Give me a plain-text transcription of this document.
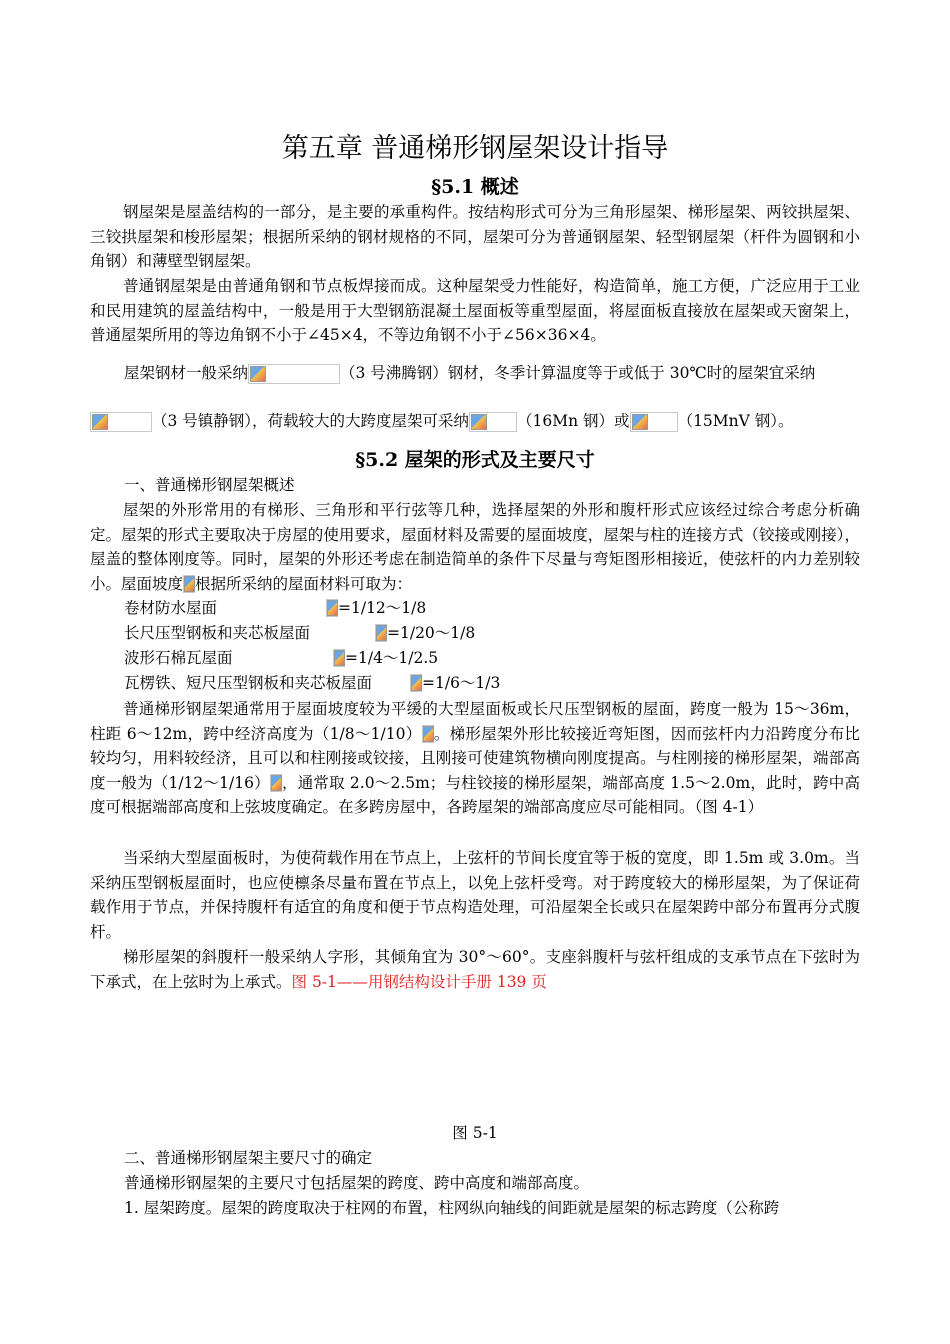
第五章 普通梯形钢屋架设计指导
§5.1 概述

钢屋架是屋盖结构的一部分，是主要的承重构件。按结构形式可分为三角形屋架、梯形屋架、两铰拱屋架、三铰拱屋架和梭形屋架；根据所采纳的钢材规格的不同，屋架可分为普通钢屋架、轻型钢屋架（杆件为圆钢和小角钢）和薄壁型钢屋架。

普通钢屋架是由普通角钢和节点板焊接而成。这种屋架受力性能好，构造简单，施工方便，广泛应用于工业和民用建筑的屋盖结构中，一般是用于大型钢筋混凝土屋面板等重型屋面，将屋面板直接放在屋架或天窗架上，普通屋架所用的等边角钢不小于∠45×4，不等边角钢不小于∠56×36×4。

屋架钢材一般采纳	（3 号沸腾钢）钢材，冬季计算温度等于或低于 30℃时的屋架宜采纳
（3 号镇静钢），荷载较大的大跨度屋架可采纳	（16Mn 钢）或	（15MnV 钢）。
§5.2 屋架的形式及主要尺寸
一、普通梯形钢屋架概述

屋架的外形常用的有梯形、三角形和平行弦等几种，选择屋架的外形和腹杆形式应该经过综合考虑分析确定。屋架的形式主要取决于房屋的使用要求，屋面材料及需要的屋面坡度，屋架与柱的连接方式（铰接或刚接），屋盖的整体刚度等。同时，屋架的外形还考虑在制造简单的条件下尽量与弯矩图形相接近，使弦杆的内力差别较小。屋面坡度 根据所采纳的屋面材料可取为：

卷材防水屋面	=1/12～1/8
长尺压型钢板和夹芯板屋面	=1/20～1/8
波形石棉瓦屋面	=1/4～1/2.5
瓦楞铁、短尺压型钢板和夹芯板屋面	=1/6～1/3

普通梯形钢屋架通常用于屋面坡度较为平缓的大型屋面板或长尺压型钢板的屋面，跨度一般为 15～36m，柱距 6～12m，跨中经济高度为（1/8～1/10） 。梯形屋架外形比较接近弯矩图，因而弦杆内力沿跨度分布比较均匀，用料较经济，且可以和柱刚接或铰接，且刚接可使建筑物横向刚度提高。与柱刚接的梯形屋架，端部高度一般为（1/12～1/16） ，通常取 2.0～2.5m；与柱铰接的梯形屋架，端部高度 1.5～2.0m，此时，跨中高度可根据端部高度和上弦坡度确定。在多跨房屋中，各跨屋架的端部高度应尽可能相同。（图 4-1）

当采纳大型屋面板时，为使荷载作用在节点上，上弦杆的节间长度宜等于板的宽度，即 1.5m 或 3.0m。当采纳压型钢板屋面时，也应使檩条尽量布置在节点上，以免上弦杆受弯。对于跨度较大的梯形屋架，为了保证荷载作用于节点，并保持腹杆有适宜的角度和便于节点构造处理，可沿屋架全长或只在屋架跨中部分布置再分式腹杆。

梯形屋架的斜腹杆一般采纳人字形，其倾角宜为 30°～60°。支座斜腹杆与弦杆组成的支承节点在下弦时为下承式，在上弦时为上承式。图 5-1——用钢结构设计手册 139 页

图 5-1
二、普通梯形钢屋架主要尺寸的确定
普通梯形钢屋架的主要尺寸包括屋架的跨度、跨中高度和端部高度。
1. 屋架跨度。屋架的跨度取决于柱网的布置，柱网纵向轴线的间距就是屋架的标志跨度（公称跨
